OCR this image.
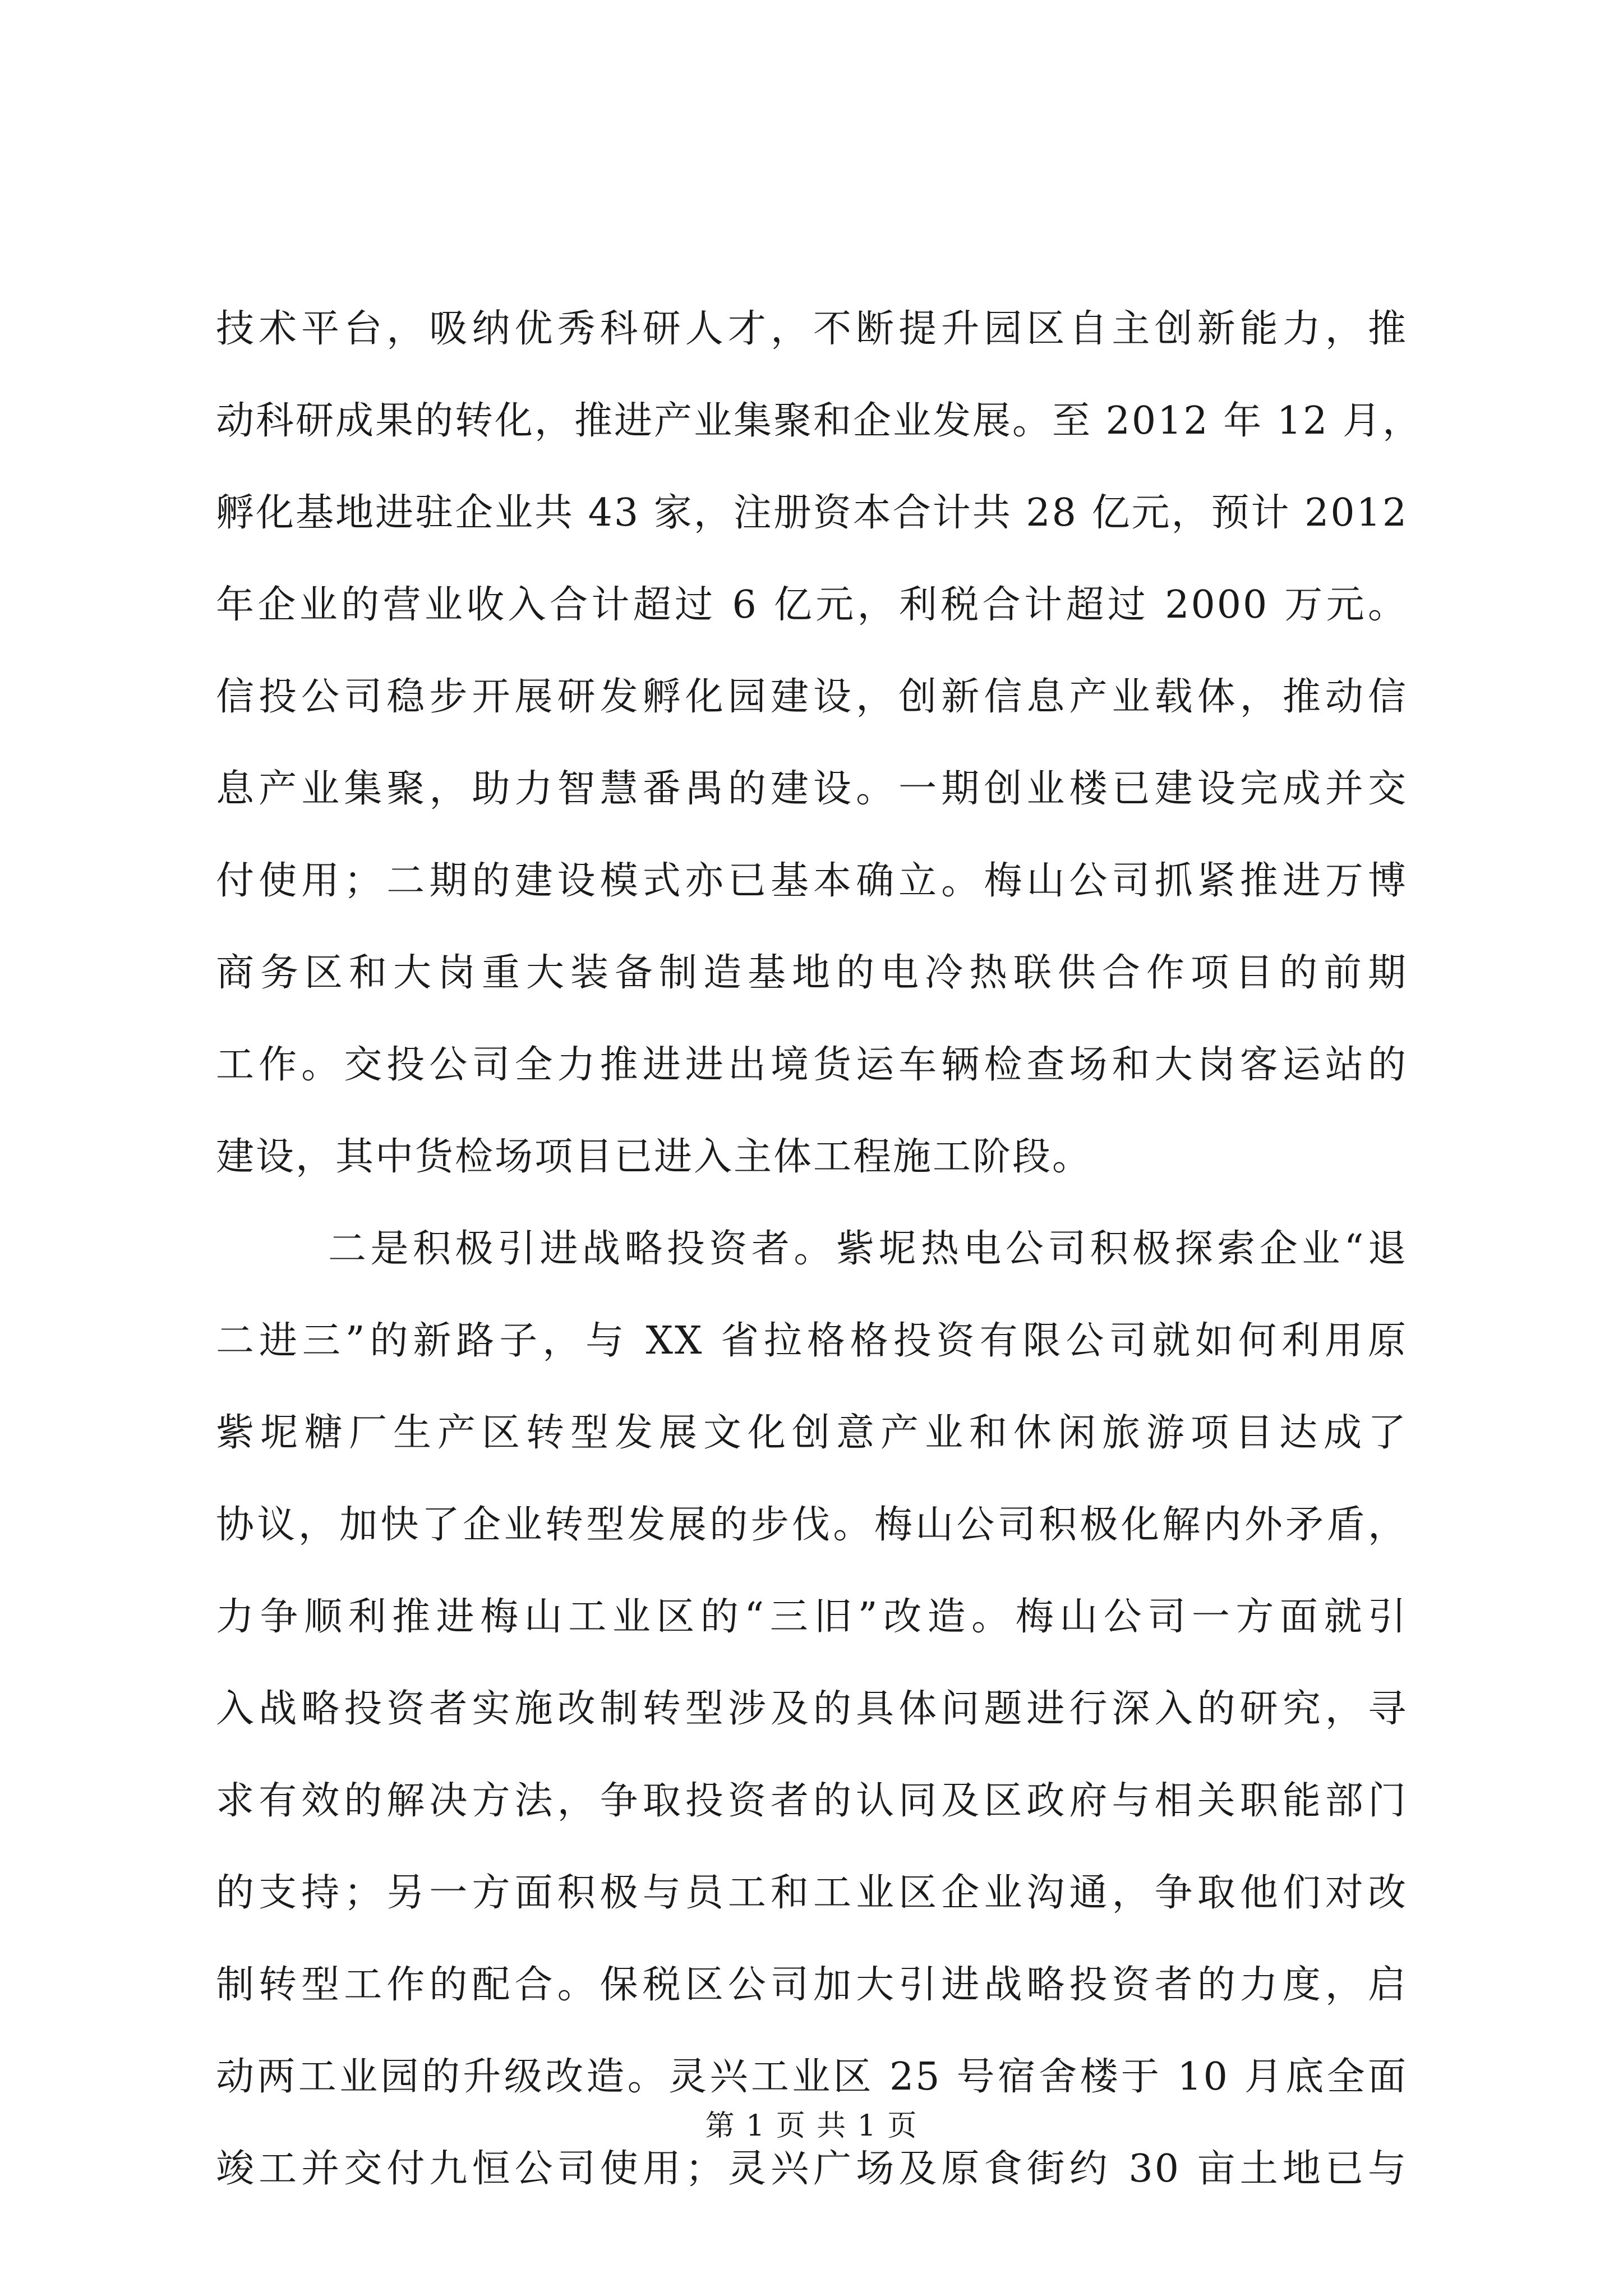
技术平台，吸纳优秀科研人才，不断提升园区自主创新能力，推
动科研成果的转化，推进产业集聚和企业发展。至 2012 年 12 月，
孵化基地进驻企业共 43 家，注册资本合计共 28 亿元，预计 2012
年企业的营业收入合计超过 6 亿元，利税合计超过 2000 万元。
信投公司稳步开展研发孵化园建设，创新信息产业载体，推动信
息产业集聚，助力智慧番禺的建设。一期创业楼已建设完成并交
付使用；二期的建设模式亦已基本确立。梅山公司抓紧推进万博
商务区和大岗重大装备制造基地的电冷热联供合作项目的前期
工作。交投公司全力推进进出境货运车辆检查场和大岗客运站的
建设，其中货检场项目已进入主体工程施工阶段。
二是积极引进战略投资者。紫坭热电公司积极探索企业“退
二进三”的新路子，与 XX 省拉格格投资有限公司就如何利用原
紫坭糖厂生产区转型发展文化创意产业和休闲旅游项目达成了
协议，加快了企业转型发展的步伐。梅山公司积极化解内外矛盾，
力争顺利推进梅山工业区的“三旧”改造。梅山公司一方面就引
入战略投资者实施改制转型涉及的具体问题进行深入的研究，寻
求有效的解决方法，争取投资者的认同及区政府与相关职能部门
的支持；另一方面积极与员工和工业区企业沟通，争取他们对改
制转型工作的配合。保税区公司加大引进战略投资者的力度，启
动两工业园的升级改造。灵兴工业区 25 号宿舍楼于 10 月底全面
竣工并交付九恒公司使用；灵兴广场及原食街约 30 亩土地已与
第 1 页 共 1 页
